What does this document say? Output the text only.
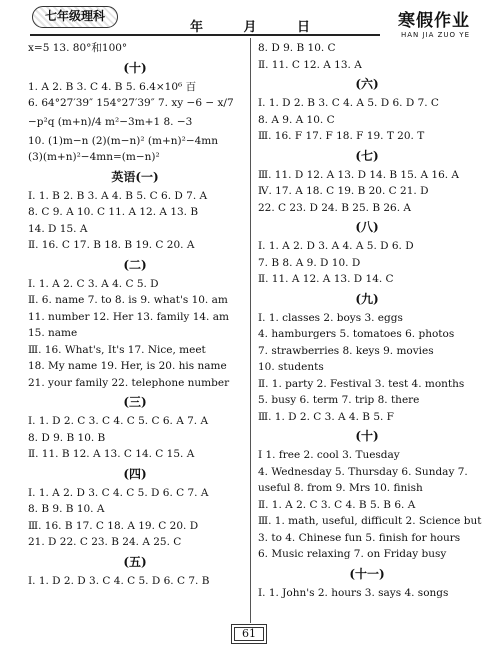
七年级理科
年	月	日	寒假作业
HAN JIA ZUO YE
x=5 13. 80°和100°
(十)
1. A 2. B 3. C 4. B 5. 6.4×10⁶ 百
6. 64°27′39″ 154°27′39″ 7. xy −6 − x/7
−p²q (m+n)/4 m²−3m+1 8. −3
10. (1)m−n (2)(m−n)² (m+n)²−4mn
(3)(m+n)²−4mn=(m−n)²
英语(一)
Ⅰ. 1. B 2. B 3. A 4. B 5. C 6. D 7. A
8. C 9. A 10. C 11. A 12. A 13. B
14. D 15. A
Ⅱ. 16. C 17. B 18. B 19. C 20. A
(二)
Ⅰ. 1. A 2. C 3. A 4. C 5. D
Ⅱ. 6. name 7. to 8. is 9. what's 10. am
11. number 12. Her 13. family 14. am
15. name
Ⅲ. 16. What's, It's 17. Nice, meet
18. My name 19. Her, is 20. his name
21. your family 22. telephone number
(三)
Ⅰ. 1. D 2. C 3. C 4. C 5. C 6. A 7. A
8. D 9. B 10. B
Ⅱ. 11. B 12. A 13. C 14. C 15. A
(四)
Ⅰ. 1. A 2. D 3. C 4. C 5. D 6. C 7. A
8. B 9. B 10. A
Ⅲ. 16. B 17. C 18. A 19. C 20. D
21. D 22. C 23. B 24. A 25. C
(五)
Ⅰ. 1. D 2. D 3. C 4. C 5. D 6. C 7. B
8. D 9. B 10. C
Ⅱ. 11. C 12. A 13. A
(六)
Ⅰ. 1. D 2. B 3. C 4. A 5. D 6. D 7. C
8. A 9. A 10. C
Ⅲ. 16. F 17. F 18. F 19. T 20. T
(七)
Ⅲ. 11. D 12. A 13. D 14. B 15. A 16. A
Ⅳ. 17. A 18. C 19. B 20. C 21. D
22. C 23. D 24. B 25. B 26. A
(八)
Ⅰ. 1. A 2. D 3. A 4. A 5. D 6. D
7. B 8. A 9. D 10. D
Ⅱ. 11. A 12. A 13. D 14. C
(九)
Ⅰ. 1. classes 2. boys 3. eggs
4. hamburgers 5. tomatoes 6. photos
7. strawberries 8. keys 9. movies
10. students
Ⅱ. 1. party 2. Festival 3. test 4. months
5. busy 6. term 7. trip 8. there
Ⅲ. 1. D 2. C 3. A 4. B 5. F
(十)
Ⅰ 1. free 2. cool 3. Tuesday
4. Wednesday 5. Thursday 6. Sunday 7.
useful 8. from 9. Mrs 10. finish
Ⅱ. 1. A 2. C 3. C 4. B 5. B 6. A
Ⅲ. 1. math, useful, difficult 2. Science but
3. to 4. Chinese fun 5. finish for hours
6. Music relaxing 7. on Friday busy
(十一)
Ⅰ. 1. John's 2. hours 3. says 4. songs
61
